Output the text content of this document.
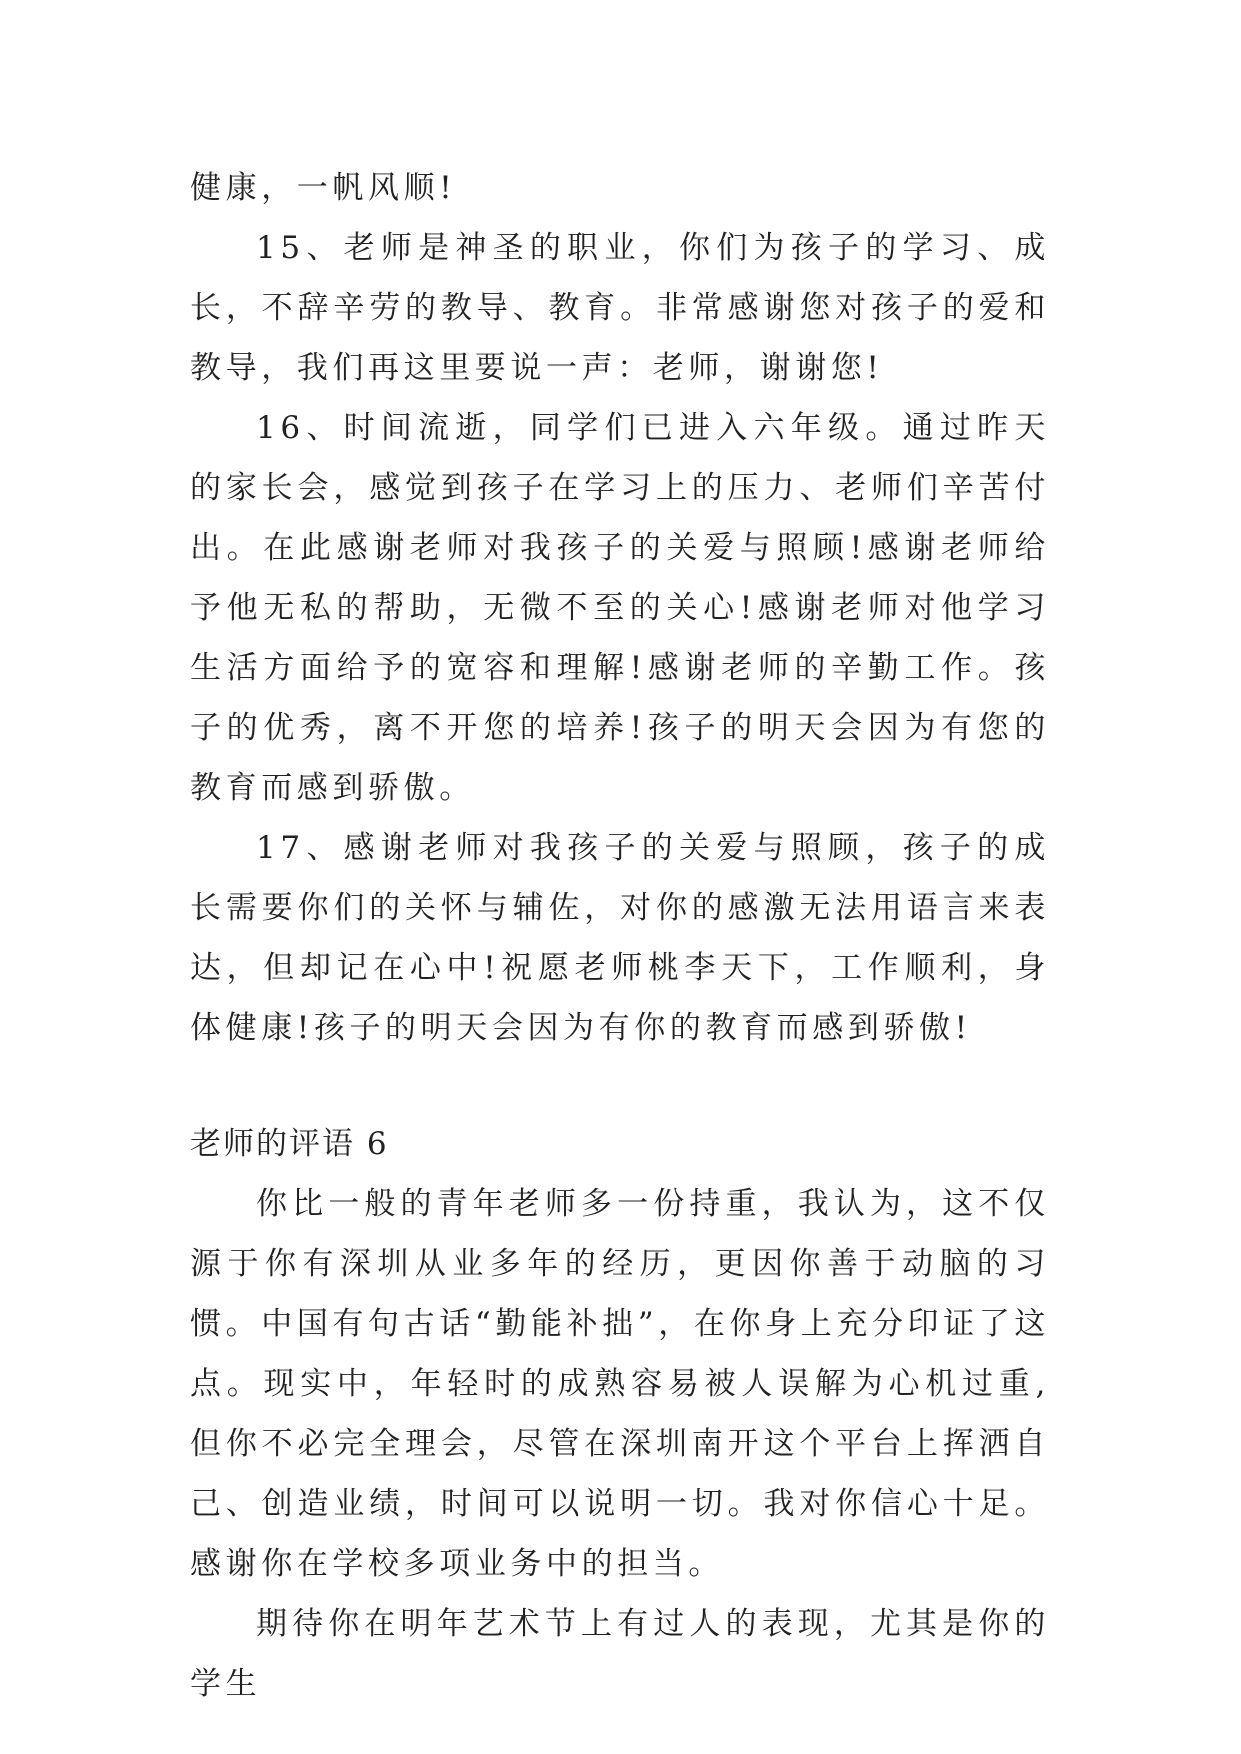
健康，一帆风顺!

15、老师是神圣的职业，你们为孩子的学习、成长，不辞辛劳的教导、教育。非常感谢您对孩子的爱和教导，我们再这里要说一声：老师，谢谢您!

16、时间流逝，同学们已进入六年级。通过昨天的家长会，感觉到孩子在学习上的压力、老师们辛苦付出。在此感谢老师对我孩子的关爱与照顾!感谢老师给予他无私的帮助，无微不至的关心!感谢老师对他学习生活方面给予的宽容和理解!感谢老师的辛勤工作。孩子的优秀，离不开您的培养!孩子的明天会因为有您的教育而感到骄傲。

17、感谢老师对我孩子的关爱与照顾，孩子的成长需要你们的关怀与辅佐，对你的感激无法用语言来表达，但却记在心中!祝愿老师桃李天下，工作顺利，身体健康!孩子的明天会因为有你的教育而感到骄傲!

老师的评语 6

你比一般的青年老师多一份持重，我认为，这不仅源于你有深圳从业多年的经历，更因你善于动脑的习惯。中国有句古话“勤能补拙”，在你身上充分印证了这点。现实中，年轻时的成熟容易被人误解为心机过重,但你不必完全理会，尽管在深圳南开这个平台上挥洒自己、创造业绩，时间可以说明一切。我对你信心十足。感谢你在学校多项业务中的担当。

期待你在明年艺术节上有过人的表现，尤其是你的学生
